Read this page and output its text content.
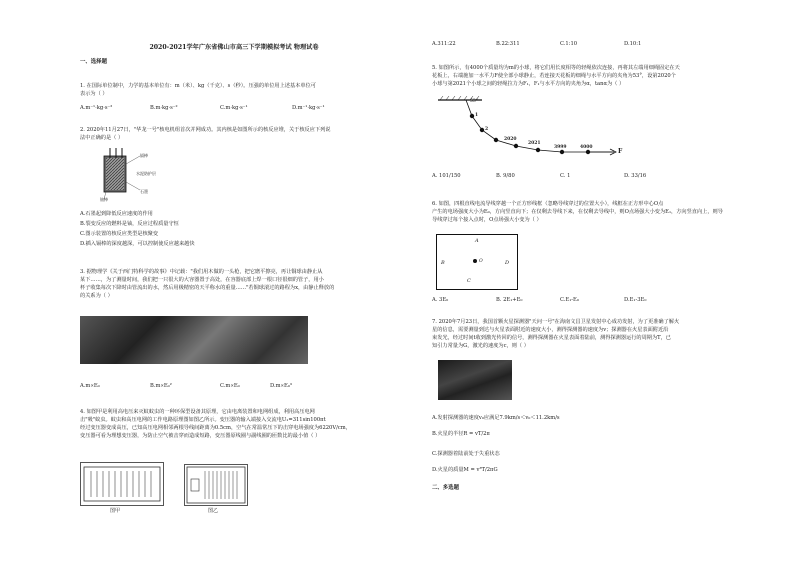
2020-2021学年广东省佛山市高三下学期模拟考试 物理试卷
一、选择题
1. 在国际单位制中，力学的基本单位有：m（米）、kg（千克）、s（秒）。压强的单位用上述基本单位可
表示为（ ）
A.m⁻¹·kg·s⁻²	B.m·kg·s⁻²	C.m·kg·s⁻¹	D.m⁻¹·kg·s⁻¹
2. 2020年11月27日，"华龙一号"核电机组首次并网成功。其内核是如图所示的核反应堆，关于核反应下列说
法中正确的是（ ）
镉棒
铀棒
水泥防护层
石墨
A.石墨起到降低反应速度的作用
B.裂变反应的燃料是铀，反应过程质量守恒
C.图示装置的核反应类型是核聚变
D.插入镉棒的深度越深，可以控制使反应越来越快
3. 据物理学《关于西门特科学的故事》中记载："我们用木做的一头枪，把它磨平擦亮，再让铜球由静止从
某下……，为了测量时间，我们把一只很大的大容器置于高处，在容器底部上焊一根口径很细的管子，用小
杯子收集每次下降时由管流出的水，然后用极精密的天平称水的重量……"若铜球滚过的路程为x，由静止释放的
的关系为（ ）
A.m∝E₀	B.m∝E₀²	C.m∝E₀	D.m∝E₀³
4. 如图甲是利用高电压来灭蚊蚊虫的一种环保型设备其原理，它由电离装置和电网组成，利用高压电网
击"吸"蚊虫。蚊虫和高压电网的工作电路原理图如图乙所示。变压器的输入端接入交流电U₁=311sin100πt
经过变压器变成高压，已知高压电网相邻两根导线间距离为0.5cm，空气在常温常压下的击穿电场强度为6220V/cm，
变压器可看为理想变压器，为防止空气被击穿而造成短路，变压器原线圈与副线圈的匝数比的最小值（ ）
图甲	图乙
A.311:22	B.22:311	C.1:10	D.10:1
5. 如图所示，有4000个质量均为m的小球，将它们用长度相等的轻绳依次连接，再将其左端用细绳固定在天
花板上，右端施加一水平力F使全部小球静止，若连接天花板的细绳与水平方向的夹角为53°，设第2020个
小球与第2021个小球之间的轻绳拉力为F₁，F₁与水平方向的夹角为α，tanα为（ ）
53°
1
2
2020
2021
3999	4000
F
A. 101/150	B. 9/80	C. 1	D. 33/16
6. 如图，四根直线电流导线穿越一个正方形线框（忽略导线穿过的位置大小），线框在正方形中心O点
产生的电场强度大小为E₀，方向竖直向下；在仅剩去导线下来，在仅剩去导线中，则O点场强大小变为E₁，方向竖直向上，则导
导线穿过每个接入点时，O点场强大小变为（ ）
A
B	O	D
C
A. 3E₀	B. 2E₁+E₀	C.E₁-E₀	D.E₁-3E₀
7. 2020年7月23日，我国首颗火星探测器"天问一号"在海南文昌卫星发射中心成功发射，为了更准确了解火
星的信息，需要测量到达与火星表面附近的速度大小，测得探测器的速度为v；探测器在火星表面附近沿
束发光，经过时间t收到激光传回的信号，测得探测器在火星表面着陆前，测得探测器运行的周期为T，已
知引力常量为G，激光的速度为c，则（ ）
A.发射探测器的速度v₀应满足7.9km/s＜v₀＜11.2km/s
B.火星的半径R = vT/2π
C.探测器着陆前处于失重状态
D.火星的质量M = v³T/2πG
二、多选题
